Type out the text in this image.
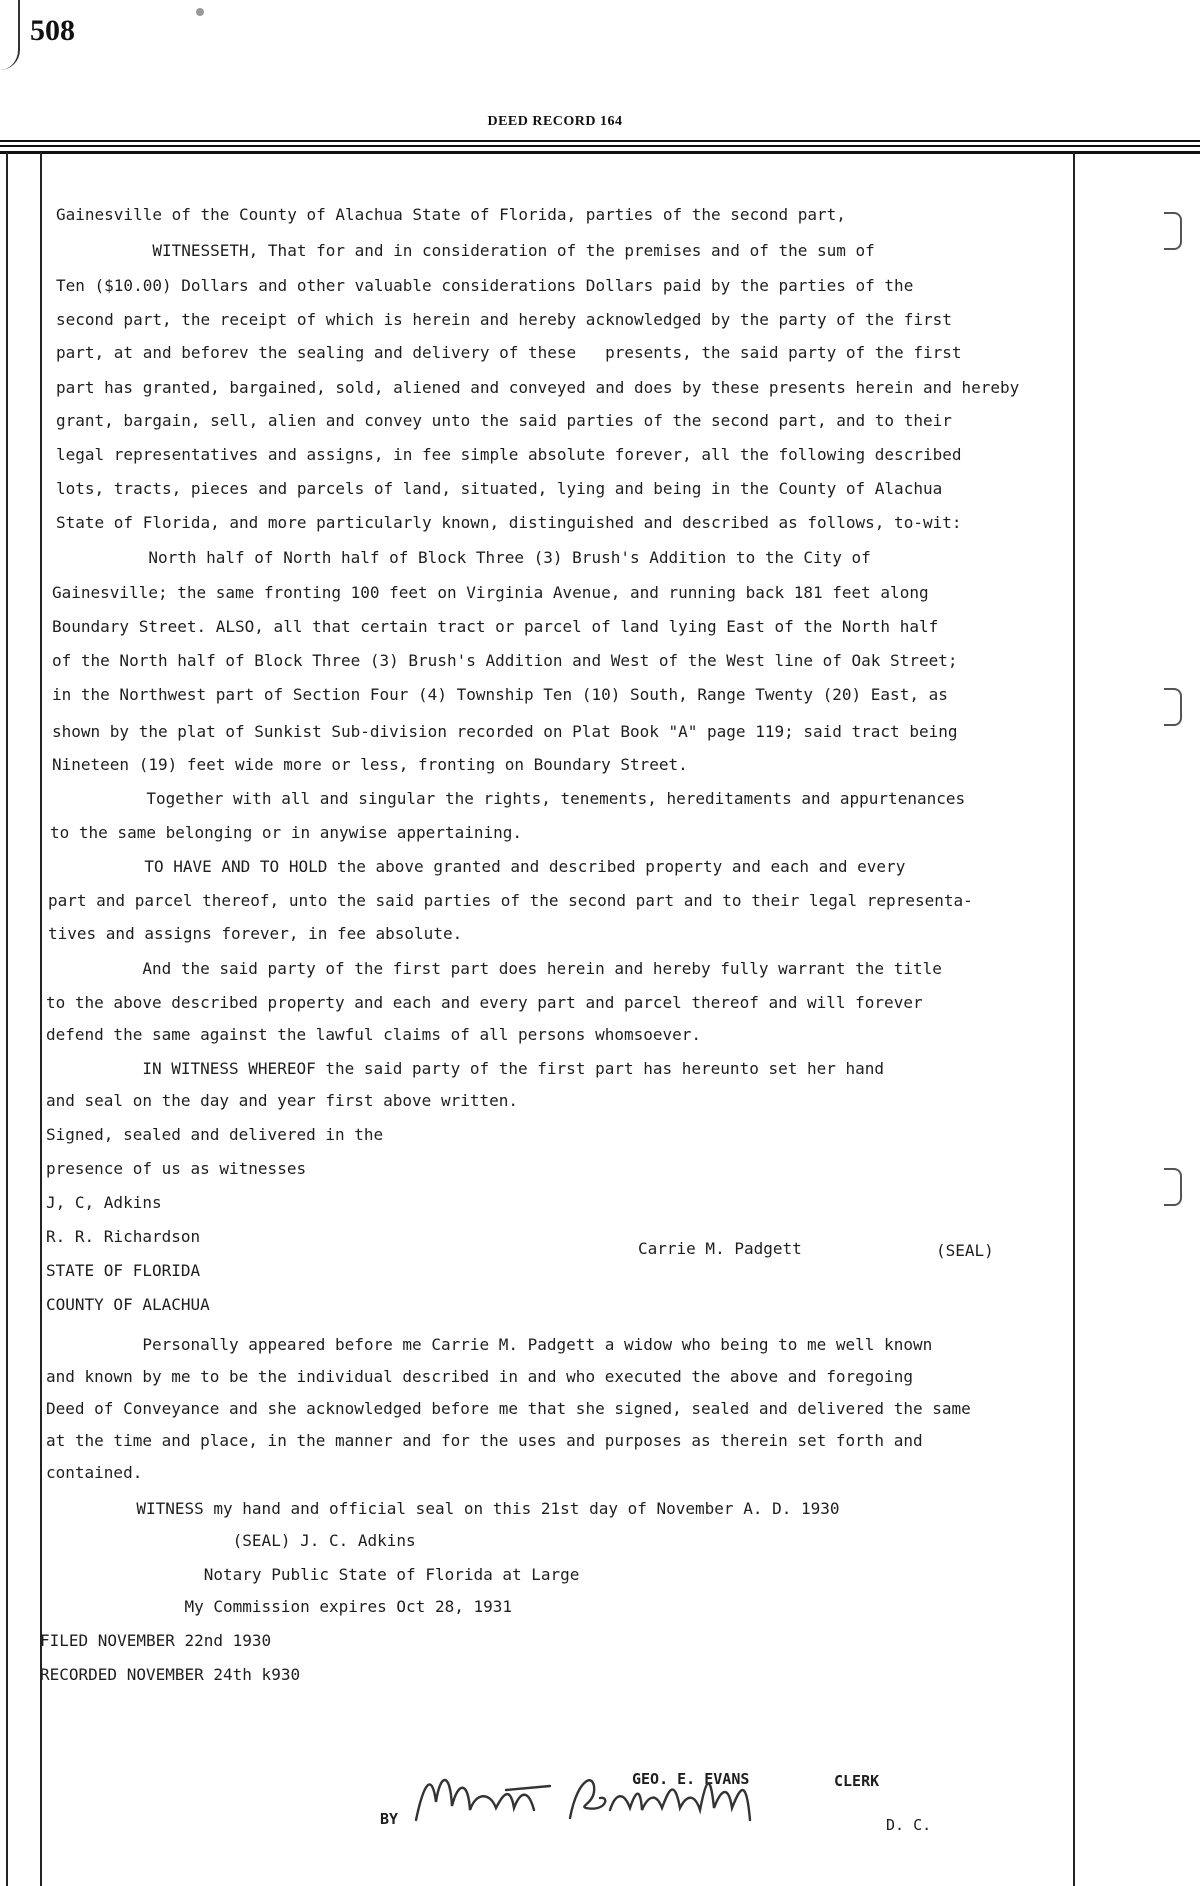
508
DEED RECORD 164
Gainesville of the County of Alachua State of Florida, parties of the second part,
WITNESSETH, That for and in consideration of the premises and of the sum of
Ten ($10.00) Dollars and other valuable considerations Dollars paid by the parties of the
second part, the receipt of which is herein and hereby acknowledged by the party of the first
part, at and beforev the sealing and delivery of these   presents, the said party of the first
part has granted, bargained, sold, aliened and conveyed and does by these presents herein and hereby
grant, bargain, sell, alien and convey unto the said parties of the second part, and to their
legal representatives and assigns, in fee simple absolute forever, all the following described
lots, tracts, pieces and parcels of land, situated, lying and being in the County of Alachua
State of Florida, and more particularly known, distinguished and described as follows, to-wit:
North half of North half of Block Three (3) Brush's Addition to the City of
Gainesville; the same fronting 100 feet on Virginia Avenue, and running back 181 feet along
Boundary Street. ALSO, all that certain tract or parcel of land lying East of the North half
of the North half of Block Three (3) Brush's Addition and West of the West line of Oak Street;
in the Northwest part of Section Four (4) Township Ten (10) South, Range Twenty (20) East, as
shown by the plat of Sunkist Sub-division recorded on Plat Book "A" page 119; said tract being
Nineteen (19) feet wide more or less, fronting on Boundary Street.
Together with all and singular the rights, tenements, hereditaments and appurtenances
to the same belonging or in anywise appertaining.
TO HAVE AND TO HOLD the above granted and described property and each and every
part and parcel thereof, unto the said parties of the second part and to their legal representa-
tives and assigns forever, in fee absolute.
And the said party of the first part does herein and hereby fully warrant the title
to the above described property and each and every part and parcel thereof and will forever
defend the same against the lawful claims of all persons whomsoever.
IN WITNESS WHEREOF the said party of the first part has hereunto set her hand
and seal on the day and year first above written.
Signed, sealed and delivered in the
presence of us as witnesses
J, C, Adkins
R. R. Richardson
STATE OF FLORIDA
COUNTY OF ALACHUA
Personally appeared before me Carrie M. Padgett a widow who being to me well known
and known by me to be the individual described in and who executed the above and foregoing
Deed of Conveyance and she acknowledged before me that she signed, sealed and delivered the same
at the time and place, in the manner and for the uses and purposes as therein set forth and
contained.
WITNESS my hand and official seal on this 21st day of November A. D. 1930
(SEAL) J. C. Adkins
Notary Public State of Florida at Large
My Commission expires Oct 28, 1931
FILED NOVEMBER 22nd 1930
RECORDED NOVEMBER 24th k930
Carrie M. Padgett	(SEAL)
GEO. E. EVANS	CLERK
BY	D. C.
